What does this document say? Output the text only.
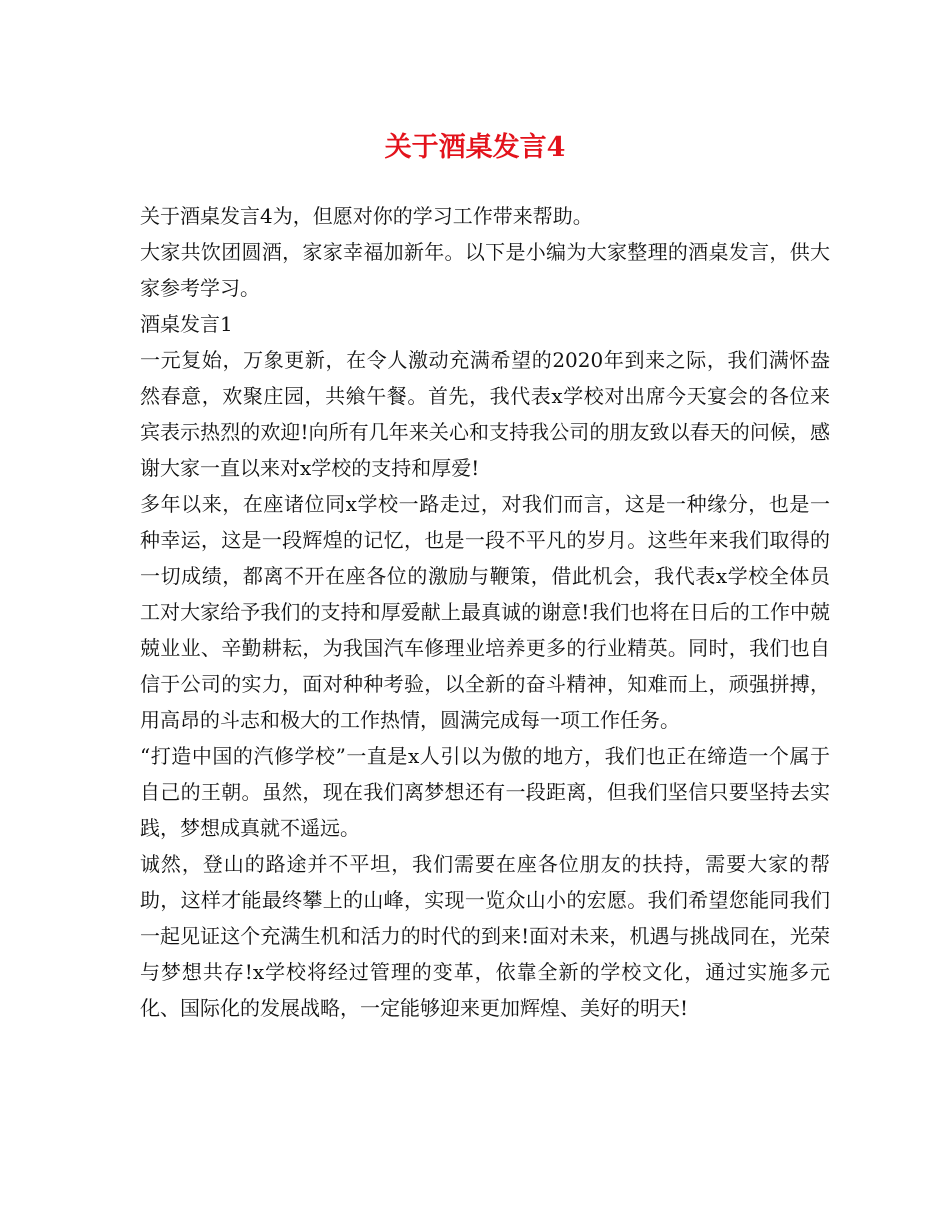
关于酒桌发言4

关于酒桌发言4为，但愿对你的学习工作带来帮助。

大家共饮团圆酒，家家幸福加新年。以下是小编为大家整理的酒桌发言，供大家参考学习。

酒桌发言1

一元复始，万象更新，在令人激动充满希望的2020年到来之际，我们满怀盎然春意，欢聚庄园，共飨午餐。首先，我代表x学校对出席今天宴会的各位来宾表示热烈的欢迎!向所有几年来关心和支持我公司的朋友致以春天的问候，感谢大家一直以来对x学校的支持和厚爱!

多年以来，在座诸位同x学校一路走过，对我们而言，这是一种缘分，也是一种幸运，这是一段辉煌的记忆，也是一段不平凡的岁月。这些年来我们取得的一切成绩，都离不开在座各位的激励与鞭策，借此机会，我代表x学校全体员工对大家给予我们的支持和厚爱献上最真诚的谢意!我们也将在日后的工作中兢兢业业、辛勤耕耘，为我国汽车修理业培养更多的行业精英。同时，我们也自信于公司的实力，面对种种考验，以全新的奋斗精神，知难而上，顽强拼搏，用高昂的斗志和极大的工作热情，圆满完成每一项工作任务。

“打造中国的汽修学校”一直是x人引以为傲的地方，我们也正在缔造一个属于自己的王朝。虽然，现在我们离梦想还有一段距离，但我们坚信只要坚持去实践，梦想成真就不遥远。

诚然，登山的路途并不平坦，我们需要在座各位朋友的扶持，需要大家的帮助，这样才能最终攀上的山峰，实现一览众山小的宏愿。我们希望您能同我们一起见证这个充满生机和活力的时代的到来!面对未来，机遇与挑战同在，光荣与梦想共存!x学校将经过管理的变革，依靠全新的学校文化，通过实施多元化、国际化的发展战略，一定能够迎来更加辉煌、美好的明天!
